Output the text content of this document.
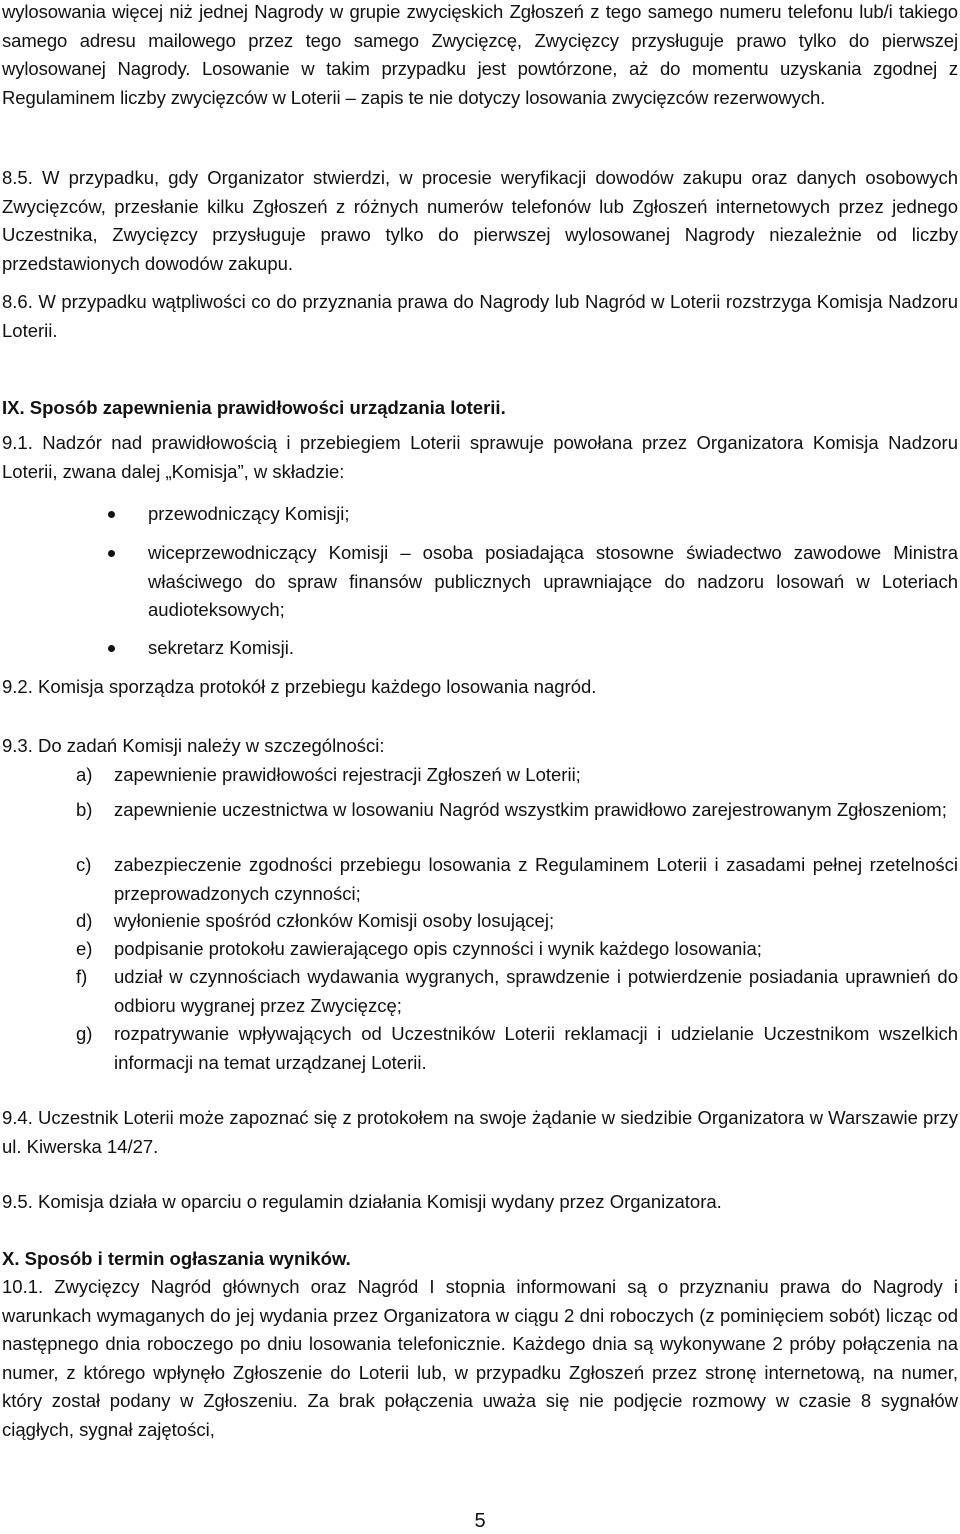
wylosowania więcej niż jednej Nagrody w grupie zwycięskich Zgłoszeń z tego samego numeru telefonu lub/i takiego samego adresu mailowego przez tego samego Zwycięzcę, Zwycięzcy przysługuje prawo tylko do pierwszej wylosowanej Nagrody. Losowanie w takim przypadku jest powtórzone, aż do momentu uzyskania zgodnej z Regulaminem liczby zwycięzców w Loterii – zapis te nie dotyczy losowania zwycięzców rezerwowych.

8.5. W przypadku, gdy Organizator stwierdzi, w procesie weryfikacji dowodów zakupu oraz danych osobowych Zwycięzców, przesłanie kilku Zgłoszeń z różnych numerów telefonów lub Zgłoszeń internetowych przez jednego Uczestnika, Zwycięzcy przysługuje prawo tylko do pierwszej wylosowanej Nagrody niezależnie od liczby przedstawionych dowodów zakupu.

8.6. W przypadku wątpliwości co do przyznania prawa do Nagrody lub Nagród w Loterii rozstrzyga Komisja Nadzoru Loterii.

IX. Sposób zapewnienia prawidłowości urządzania loterii.

9.1. Nadzór nad prawidłowością i przebiegiem Loterii sprawuje powołana przez Organizatora Komisja Nadzoru Loterii, zwana dalej „Komisja”, w składzie:

przewodniczący Komisji;
wiceprzewodniczący Komisji – osoba posiadająca stosowne świadectwo zawodowe Ministra właściwego do spraw finansów publicznych uprawniające do nadzoru losowań w Loteriach audioteksowych;
sekretarz Komisji.

9.2. Komisja sporządza protokół z przebiegu każdego losowania nagród.

9.3. Do zadań Komisji należy w szczególności:

a) zapewnienie prawidłowości rejestracji Zgłoszeń w Loterii;
b) zapewnienie uczestnictwa w losowaniu Nagród wszystkim prawidłowo zarejestrowanym Zgłoszeniom;
c) zabezpieczenie zgodności przebiegu losowania z Regulaminem Loterii i zasadami pełnej rzetelności przeprowadzonych czynności;
d) wyłonienie spośród członków Komisji osoby losującej;
e) podpisanie protokołu zawierającego opis czynności i wynik każdego losowania;
f) udział w czynnościach wydawania wygranych, sprawdzenie i potwierdzenie posiadania uprawnień do odbioru wygranej przez Zwycięzcę;
g) rozpatrywanie wpływających od Uczestników Loterii reklamacji i udzielanie Uczestnikom wszelkich informacji na temat urządzanej Loterii.

9.4. Uczestnik Loterii może zapoznać się z protokołem na swoje żądanie w siedzibie Organizatora w Warszawie przy ul. Kiwerska 14/27.

9.5. Komisja działa w oparciu o regulamin działania Komisji wydany przez Organizatora.

X. Sposób i termin ogłaszania wyników.

10.1. Zwycięzcy Nagród głównych oraz Nagród I stopnia informowani są o przyznaniu prawa do Nagrody i warunkach wymaganych do jej wydania przez Organizatora w ciągu 2 dni roboczych (z pominięciem sobót) licząc od następnego dnia roboczego po dniu losowania telefonicznie. Każdego dnia są wykonywane 2 próby połączenia na numer, z którego wpłynęło Zgłoszenie do Loterii lub, w przypadku Zgłoszeń przez stronę internetową, na numer, który został podany w Zgłoszeniu. Za brak połączenia uważa się nie podjęcie rozmowy w czasie 8 sygnałów ciągłych, sygnał zajętości,

5
